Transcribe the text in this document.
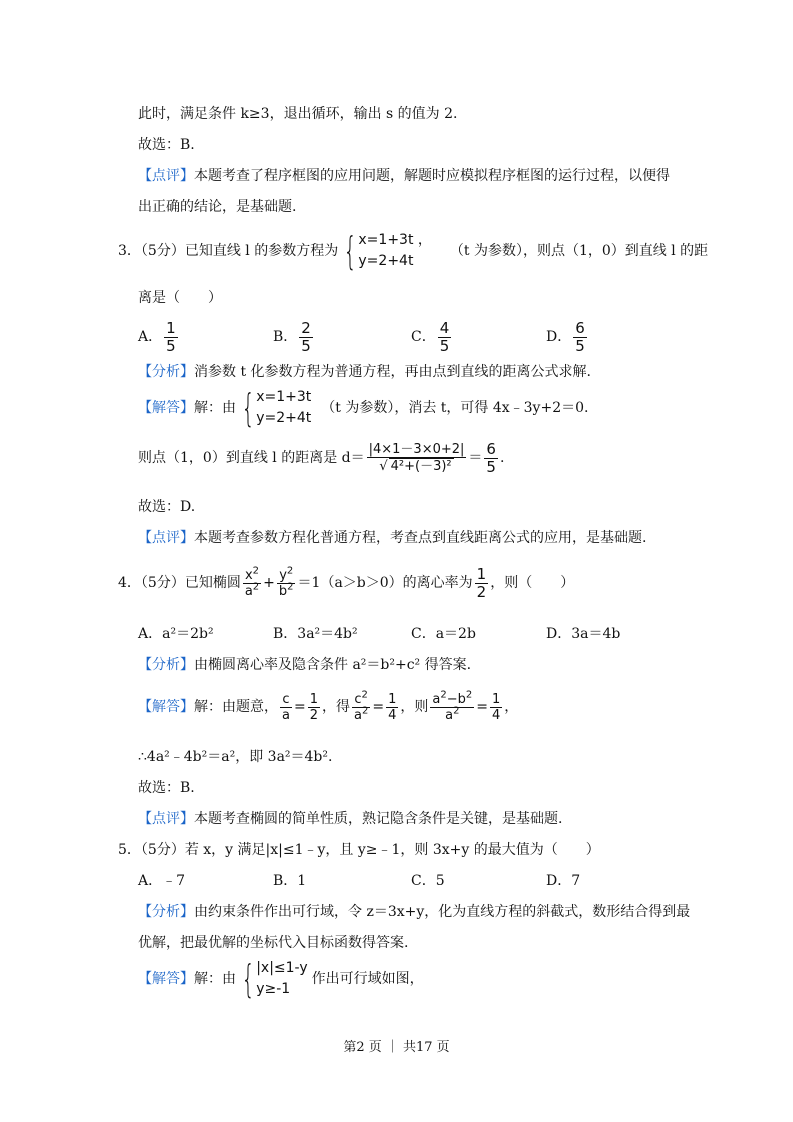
此时，满足条件 k≥3，退出循环，输出 s 的值为 2.
故选：B.
【点评】本题考查了程序框图的应用问题，解题时应模拟程序框图的运行过程，以便得
出正确的结论，是基础题.
3．（5分）已知直线 l 的参数方程为 { x=1+3t ，
y=2+4t
（t 为参数），则点（1，0）到直线 l 的距
离是（　　）
A． $\frac{1}{5}$	B． $\frac{2}{5}$	C． $\frac{4}{5}$	D． $\frac{6}{5}$
【分析】消参数 t 化参数方程为普通方程，再由点到直线的距离公式求解.
【解答】 解：由 { x=1+3t
y=2+4t
（t 为参数），消去 t，可得 4x﹣3y+2＝0.
则点（1，0）到直线 l 的距离是 $d= \frac{|4\times 1-3\times 0+2|}{\text{√ 4²+(－3)²}} = \frac{6}{5}$ .
故选：D.
【点评】本题考查参数方程化普通方程，考查点到直线距离公式的应用，是基础题.
4．（5分）已知椭圆 $\frac{x^2}{a^2} + \frac{y^2}{b^2} =1(a>b>0)$的离心率为 $\frac{1}{2}$ ，则（　　）
A．a²＝2b²	B．3a²＝4b²	C．a＝2b	D．3a＝4b
【分析】由椭圆离心率及隐含条件 a²＝b²+c² 得答案.
【解答】 解：由题意， $\frac{c}{a} = \frac{1}{2}$ ，得 $\frac{c^2}{a^2} = \frac{1}{4}$ ，则 $\frac{a^2-b^2}{a^2} = \frac{1}{4}$ ，
∴4a²﹣4b²＝a²，即 3a²＝4b².
故选：B.
【点评】本题考查椭圆的简单性质，熟记隐含条件是关键，是基础题.
5．（5分）若 x，y 满足|x|≤1﹣y，且 y≥﹣1，则 3x+y 的最大值为（　　）
A．﹣7	B．1	C．5	D．7
【分析】由约束条件作出可行域，令 z＝3x+y，化为直线方程的斜截式，数形结合得到最
优解，把最优解的坐标代入目标函数得答案.
【解答】 解：由 { |x|≤1-y
y≥-1
作出可行域如图，
第2 页 ｜ 共17 页
